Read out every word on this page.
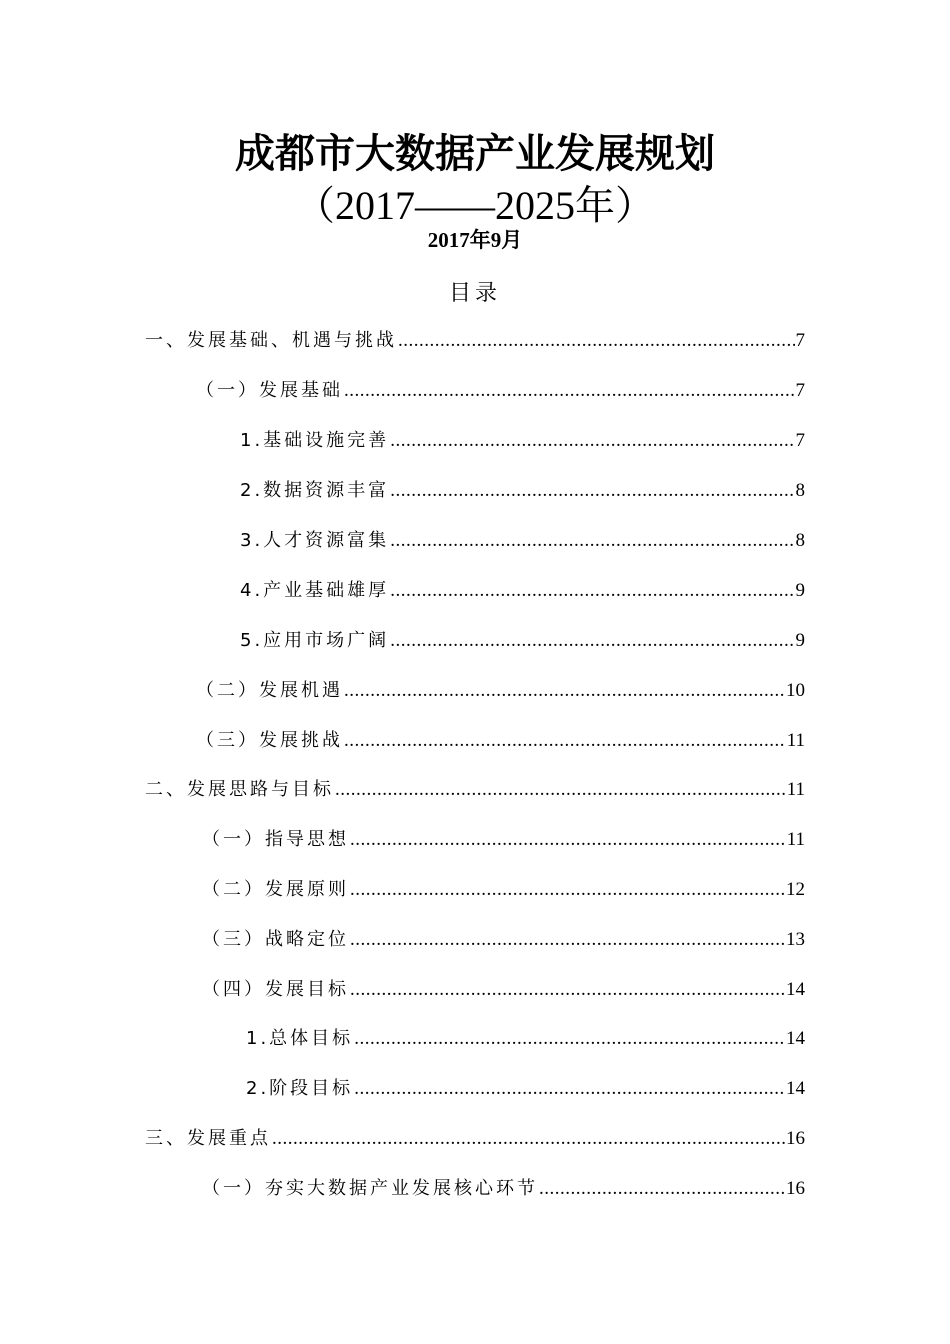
成都市大数据产业发展规划
（2017——2025年）
2017年9月
目录
一、发展基础、机遇与挑战 .....	7
（一）发展基础 .....	7
1.基础设施完善 .....	7
2.数据资源丰富 .....	8
3.人才资源富集 .....	8
4.产业基础雄厚 .....	9
5.应用市场广阔 .....	9
（二）发展机遇 .....	10
（三）发展挑战 .....	11
二、发展思路与目标 .....	11
（一）指导思想 .....	11
（二）发展原则 .....	12
（三）战略定位 .....	13
（四）发展目标 .....	14
1.总体目标 .....	14
2.阶段目标 .....	14
三、发展重点 .....	16
（一）夯实大数据产业发展核心环节 .....	16
